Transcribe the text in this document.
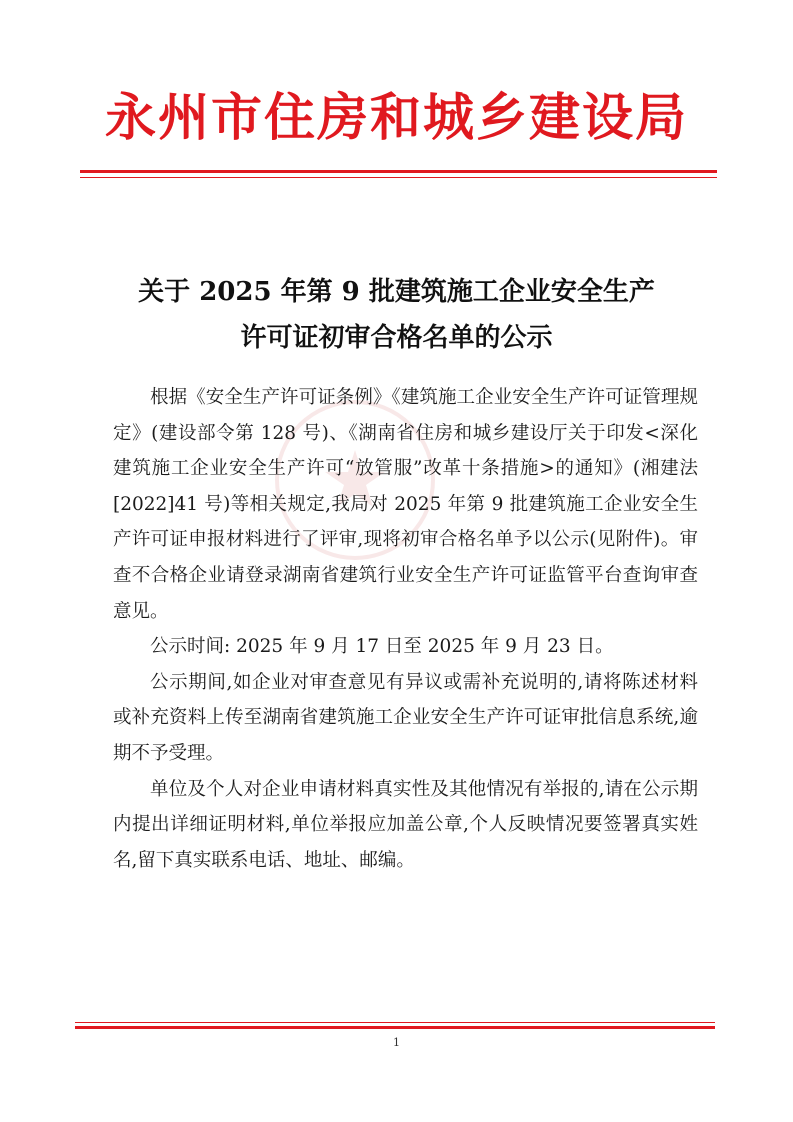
永州市住房和城乡建设局
关于 2025 年第 9 批建筑施工企业安全生产
许可证初审合格名单的公示

根据《安全生产许可证条例》《建筑施工企业安全生产许可证管理规定》(建设部令第 128 号)、《湖南省住房和城乡建设厅关于印发<深化建筑施工企业安全生产许可“放管服”改革十条措施>的通知》(湘建法[2022]41 号)等相关规定,我局对 2025 年第 9 批建筑施工企业安全生产许可证申报材料进行了评审,现将初审合格名单予以公示(见附件)。审查不合格企业请登录湖南省建筑行业安全生产许可证监管平台查询审查意见。

公示时间: 2025 年 9 月 17 日至 2025 年 9 月 23 日。

公示期间,如企业对审查意见有异议或需补充说明的,请将陈述材料或补充资料上传至湖南省建筑施工企业安全生产许可证审批信息系统,逾期不予受理。

单位及个人对企业申请材料真实性及其他情况有举报的,请在公示期内提出详细证明材料,单位举报应加盖公章,个人反映情况要签署真实姓名,留下真实联系电话、地址、邮编。

1
